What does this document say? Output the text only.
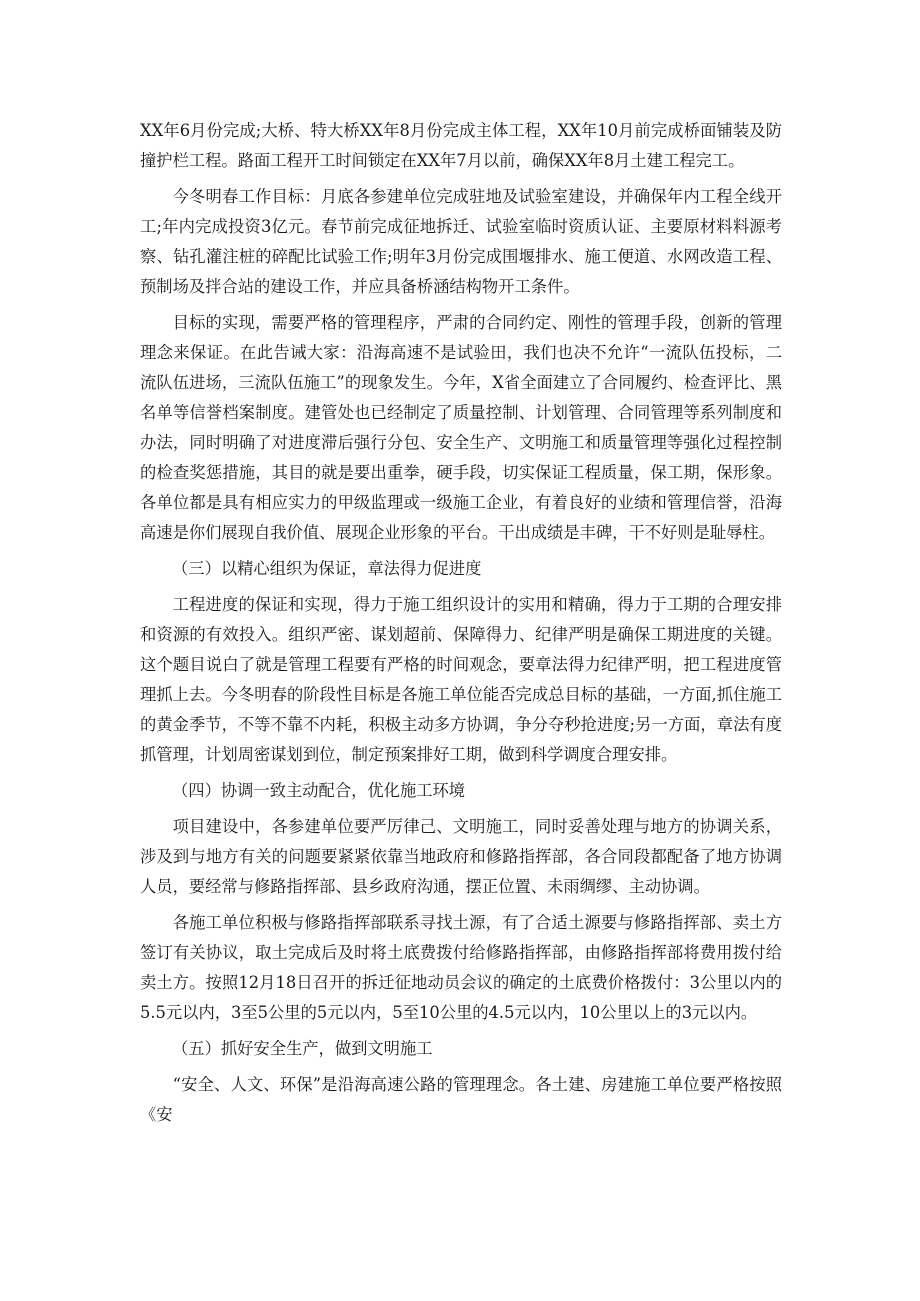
XX年6月份完成;大桥、特大桥XX年8月份完成主体工程，XX年10月前完成桥面铺装及防撞护栏工程。路面工程开工时间锁定在XX年7月以前，确保XX年8月土建工程完工。

今冬明春工作目标：月底各参建单位完成驻地及试验室建设，并确保年内工程全线开工;年内完成投资3亿元。春节前完成征地拆迁、试验室临时资质认证、主要原材料料源考察、钻孔灌注桩的碎配比试验工作;明年3月份完成围堰排水、施工便道、水网改造工程、预制场及拌合站的建设工作，并应具备桥涵结构物开工条件。

目标的实现，需要严格的管理程序，严肃的合同约定、刚性的管理手段，创新的管理理念来保证。在此告诫大家：沿海高速不是试验田，我们也决不允许“一流队伍投标，二流队伍进场，三流队伍施工”的现象发生。今年，X省全面建立了合同履约、检查评比、黑名单等信誉档案制度。建管处也已经制定了质量控制、计划管理、合同管理等系列制度和办法，同时明确了对进度滞后强行分包、安全生产、文明施工和质量管理等强化过程控制的检查奖惩措施，其目的就是要出重拳，硬手段，切实保证工程质量，保工期，保形象。各单位都是具有相应实力的甲级监理或一级施工企业，有着良好的业绩和管理信誉，沿海高速是你们展现自我价值、展现企业形象的平台。干出成绩是丰碑，干不好则是耻辱柱。

（三）以精心组织为保证，章法得力促进度

工程进度的保证和实现，得力于施工组织设计的实用和精确，得力于工期的合理安排和资源的有效投入。组织严密、谋划超前、保障得力、纪律严明是确保工期进度的关键。这个题目说白了就是管理工程要有严格的时间观念，要章法得力纪律严明，把工程进度管理抓上去。今冬明春的阶段性目标是各施工单位能否完成总目标的基础，一方面,抓住施工的黄金季节，不等不靠不内耗，积极主动多方协调，争分夺秒抢进度;另一方面，章法有度抓管理，计划周密谋划到位，制定预案排好工期，做到科学调度合理安排。

（四）协调一致主动配合，优化施工环境

项目建设中，各参建单位要严厉律己、文明施工，同时妥善处理与地方的协调关系，涉及到与地方有关的问题要紧紧依靠当地政府和修路指挥部，各合同段都配备了地方协调人员，要经常与修路指挥部、县乡政府沟通，摆正位置、未雨绸缪、主动协调。

各施工单位积极与修路指挥部联系寻找土源，有了合适土源要与修路指挥部、卖土方签订有关协议，取土完成后及时将土底费拨付给修路指挥部，由修路指挥部将费用拨付给卖土方。按照12月18日召开的拆迁征地动员会议的确定的土底费价格拨付：3公里以内的5.5元以内，3至5公里的5元以内，5至10公里的4.5元以内，10公里以上的3元以内。

（五）抓好安全生产，做到文明施工

“安全、人文、环保”是沿海高速公路的管理理念。各土建、房建施工单位要严格按照《安
